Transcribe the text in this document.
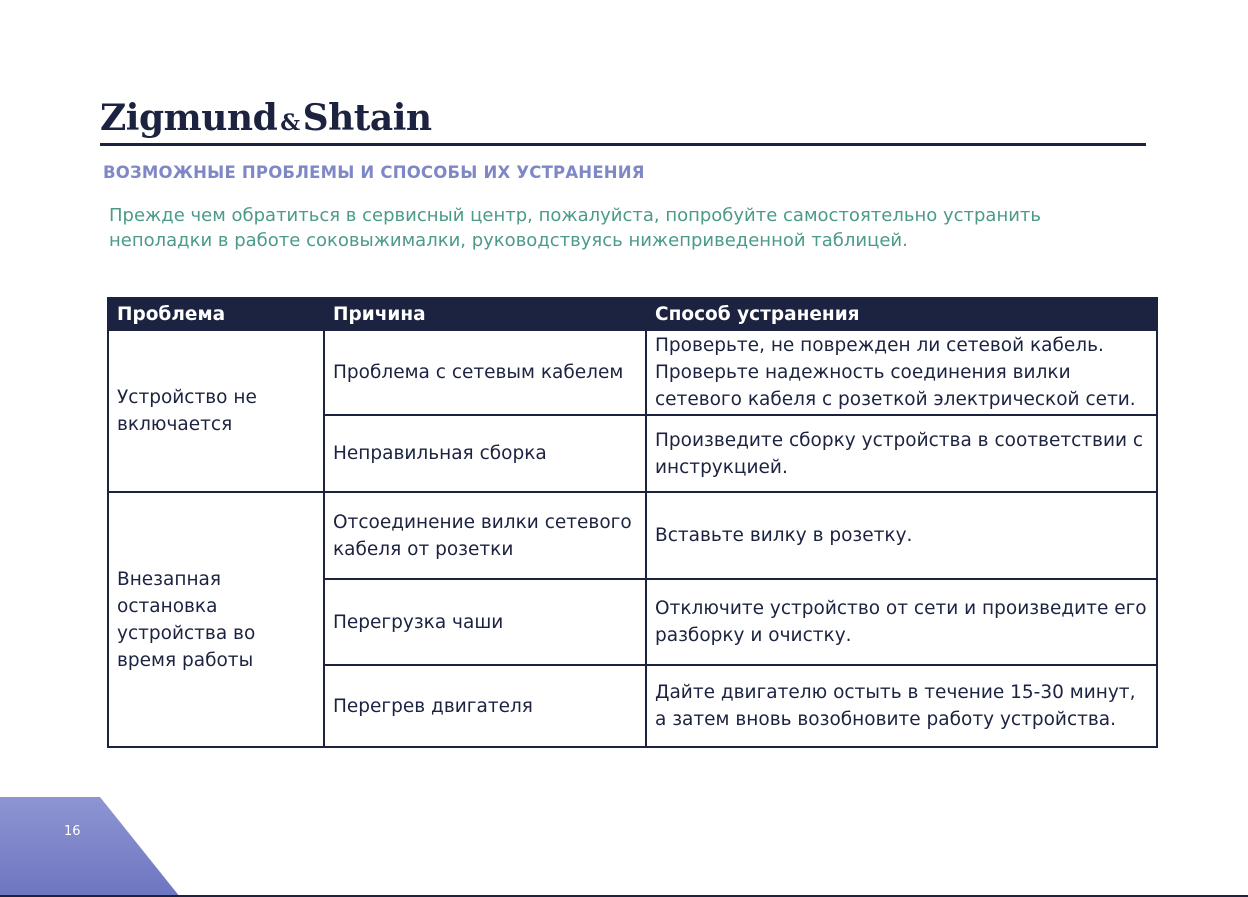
Zigmund &Shtain
ВОЗМОЖНЫЕ ПРОБЛЕМЫ И СПОСОБЫ ИХ УСТРАНЕНИЯ
Прежде чем обратиться в сервисный центр, пожалуйста, попробуйте самостоятельно устранить
неполадки в работе соковыжималки, руководствуясь нижеприведенной таблицей.
Проблема	Причина	Способ устранения
Устройство не включается	Проблема с сетевым кабелем	Проверьте, не поврежден ли сетевой кабель. Проверьте надежность соединения вилки сетевого кабеля с розеткой электрической сети.
	Неправильная сборка	Произведите сборку устройства в соответствии с инструкцией.
Внезапная остановка устройства во время работы	Отсоединение вилки сетевого кабеля от розетки	Вставьте вилку в розетку.
	Перегрузка чаши	Отключите устройство от сети и произведите его разборку и очистку.
	Перегрев двигателя	Дайте двигателю остыть в течение 15-30 минут, а затем вновь возобновите работу устройства.
16
